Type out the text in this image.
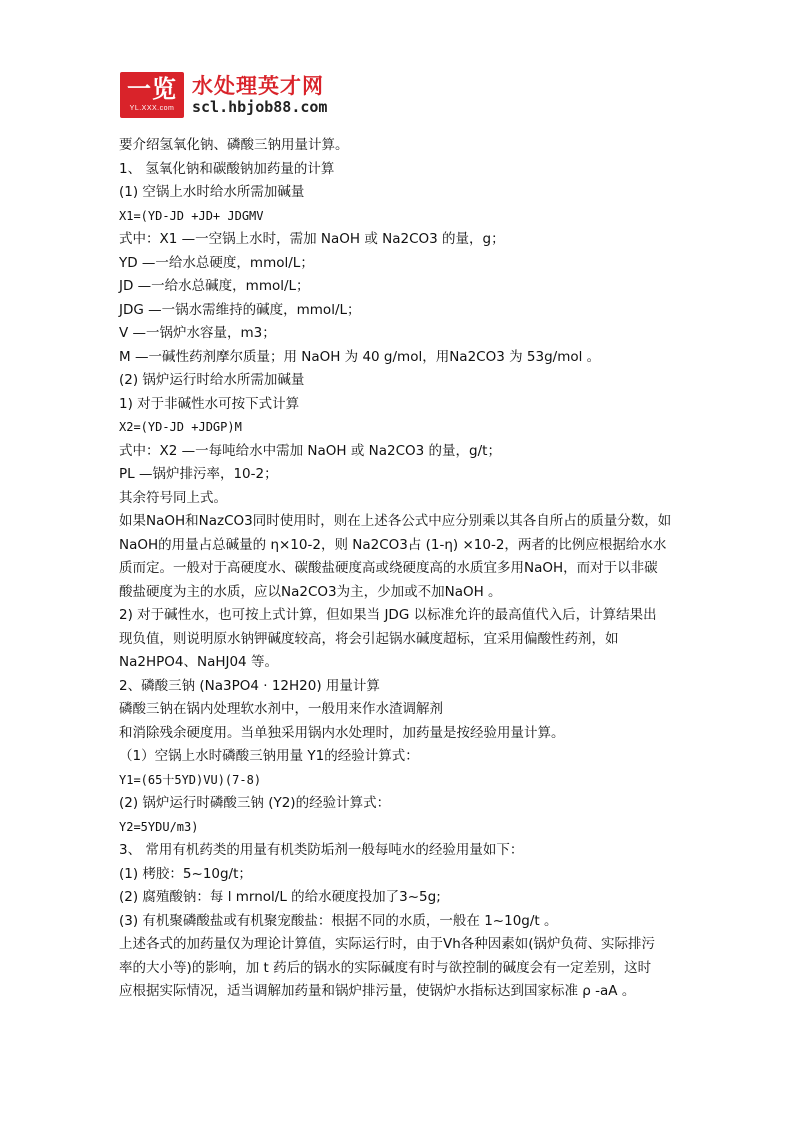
一览
YL.XXX.com
水处理英才网
scl.hbjob88.com
要介绍氢氧化钠、磷酸三钠用量计算。
1、 氢氧化钠和碳酸钠加药量的计算
(1) 空锅上水时给水所需加碱量
X1=(YD-JD +JD+ JDGMV
式中：X1 —一空锅上水时，需加 NaOH 或 Na2CO3 的量，g；
YD —一给水总硬度，mmol/L；
JD —一给水总碱度，mmol/L；
JDG —一锅水需维持的碱度，mmol/L；
V —一锅炉水容量，m3；
M —一碱性药剂摩尔质量；用 NaOH 为 40 g/mol，用Na2CO3 为 53g/mol 。
(2) 锅炉运行时给水所需加碱量
1) 对于非碱性水可按下式计算
X2=(YD-JD +JDGP)M
式中：X2 —一每吨给水中需加 NaOH 或 Na2CO3 的量，g/t；
PL —锅炉排污率，10-2；
其余符号同上式。
如果NaOH和NazCO3同时使用时，则在上述各公式中应分别乘以其各自所占的质量分数，如
NaOH的用量占总碱量的 η×10-2，则 Na2CO3占 (1-η) ×10-2，两者的比例应根据给水水
质而定。一般对于高硬度水、碳酸盐硬度高或绕硬度高的水质宜多用NaOH，而对于以非碳
酸盐硬度为主的水质，应以Na2CO3为主，少加或不加NaOH 。
2) 对于碱性水，也可按上式计算，但如果当 JDG 以标准允许的最高值代入后，计算结果出
现负值，则说明原水钠钾碱度较高，将会引起锅水碱度超标，宜采用偏酸性药剂，如
Na2HPO4、NaHJ04 等。
2、磷酸三钠 (Na3PO4 · 12H20) 用量计算
磷酸三钠在锅内处理软水剂中，一般用来作水渣调解剂
和消除残余硬度用。当单独采用锅内水处理时，加药量是按经验用量计算。
（1）空锅上水时磷酸三钠用量 Y1的经验计算式：
Y1=(65十5YD)VU)(7-8)
(2) 锅炉运行时磷酸三钠 (Y2)的经验计算式：
Y2=5YDU/m3)
3、 常用有机药类的用量有机类防垢剂一般每吨水的经验用量如下：
(1) 栲胶：5~10g/t；
(2) 腐殖酸钠：每 l mrnol/L 的给水硬度投加了3~5g;
(3) 有机聚磷酸盐或有机聚宠酸盐：根据不同的水质，一般在 1~10g/t 。
上述各式的加药量仅为理论计算值，实际运行时，由于Vh各种因素如(锅炉负荷、实际排污
率的大小等)的影响，加 t 药后的锅水的实际碱度有时与欲控制的碱度会有一定差别，这时
应根据实际情况，适当调解加药量和锅炉排污量，使锅炉水指标达到国家标准 ρ -aA 。
